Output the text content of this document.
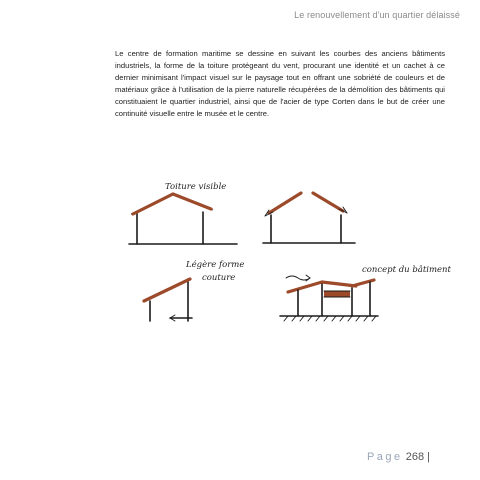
Le renouvellement d'un quartier délaissé

Le centre de formation maritime se dessine en suivant les courbes des anciens bâtiments industriels, la forme de la toiture protégeant du vent, procurant une identité et un cachet à ce dernier minimisant l'impact visuel sur le paysage tout en offrant une sobriété de couleurs et de matériaux grâce à l'utilisation de la pierre naturelle récupérées de la démolition des bâtiments qui constituaient le quartier industriel, ainsi que de l'acier de type Corten dans le but de créer une continuité visuelle entre le musée et le centre.

Toiture visible
Légère forme
couture
concept du bâtiment
Page 268 |
